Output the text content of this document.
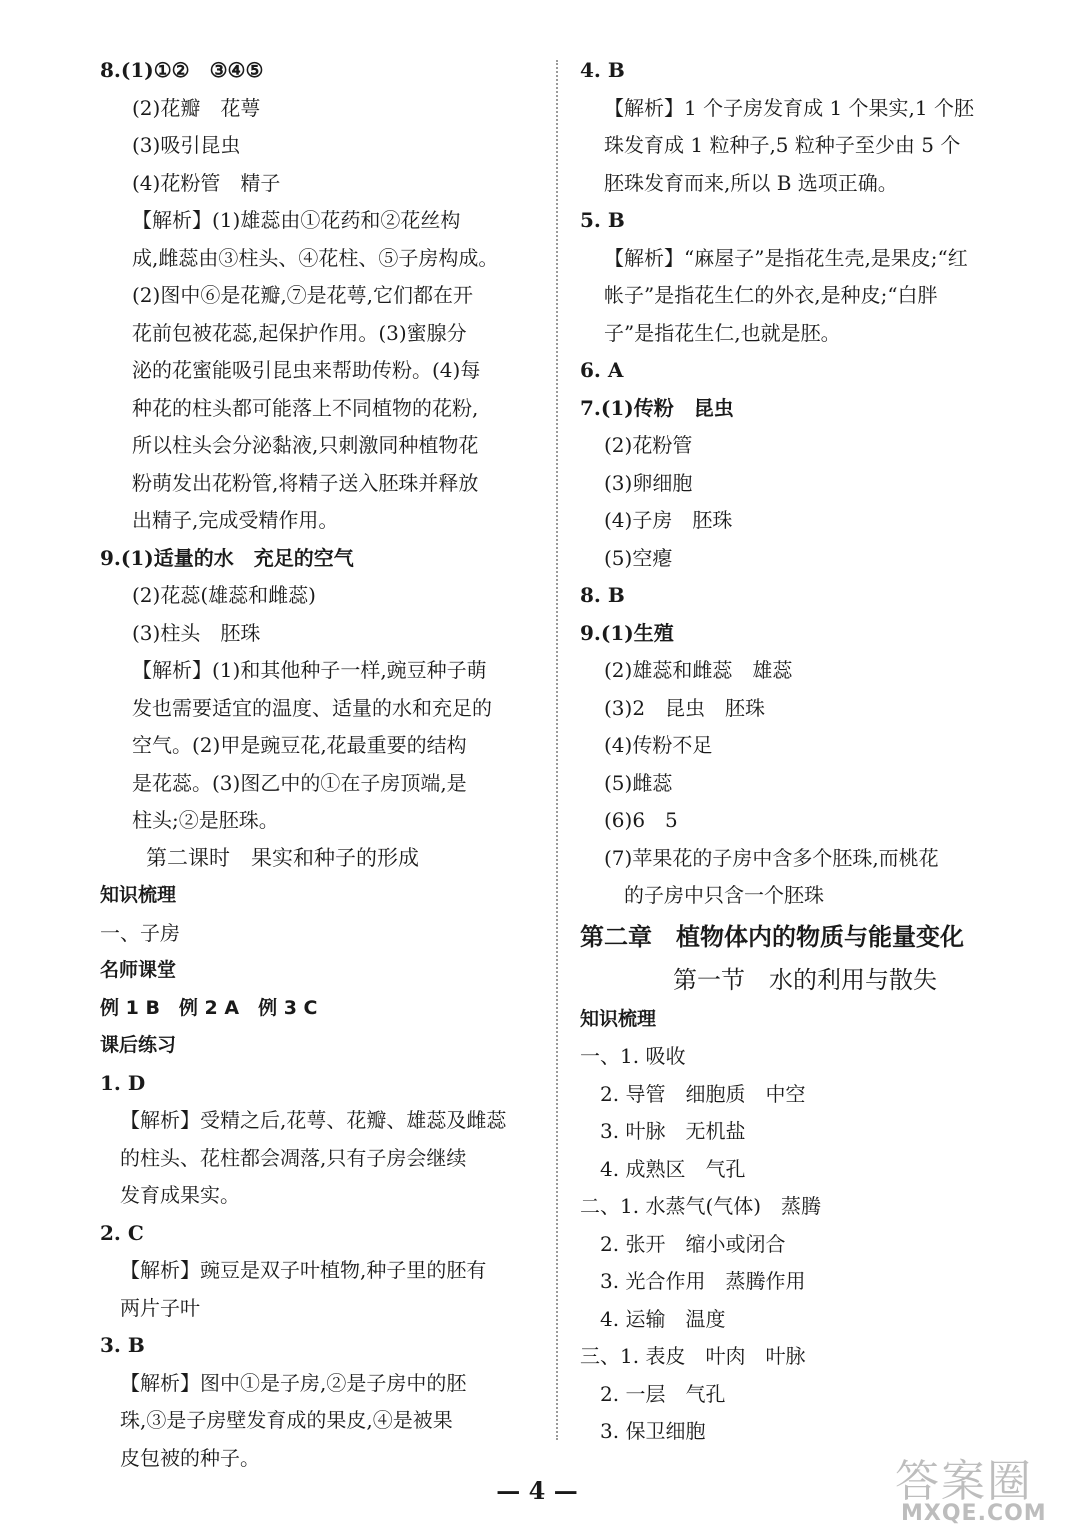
8.(1)①②　③④⑤
(2)花瓣　花萼
(3)吸引昆虫
(4)花粉管　精子
【解析】(1)雄蕊由①花药和②花丝构
成,雌蕊由③柱头、④花柱、⑤子房构成。
(2)图中⑥是花瓣,⑦是花萼,它们都在开
花前包被花蕊,起保护作用。(3)蜜腺分
泌的花蜜能吸引昆虫来帮助传粉。(4)每
种花的柱头都可能落上不同植物的花粉,
所以柱头会分泌黏液,只刺激同种植物花
粉萌发出花粉管,将精子送入胚珠并释放
出精子,完成受精作用。
9.(1)适量的水　充足的空气
(2)花蕊(雄蕊和雌蕊)
(3)柱头　胚珠
【解析】(1)和其他种子一样,豌豆种子萌
发也需要适宜的温度、适量的水和充足的
空气。(2)甲是豌豆花,花最重要的结构
是花蕊。(3)图乙中的①在子房顶端,是
柱头;②是胚珠。
第二课时　果实和种子的形成
知识梳理
一、子房
名师课堂
例 1 B　例 2 A　例 3 C
课后练习
1. D
【解析】受精之后,花萼、花瓣、雄蕊及雌蕊
的柱头、花柱都会凋落,只有子房会继续
发育成果实。
2. C
【解析】豌豆是双子叶植物,种子里的胚有
两片子叶
3. B
【解析】图中①是子房,②是子房中的胚
珠,③是子房壁发育成的果皮,④是被果
皮包被的种子。
4. B
【解析】1 个子房发育成 1 个果实,1 个胚
珠发育成 1 粒种子,5 粒种子至少由 5 个
胚珠发育而来,所以 B 选项正确。
5. B
【解析】“麻屋子”是指花生壳,是果皮;“红
帐子”是指花生仁的外衣,是种皮;“白胖
子”是指花生仁,也就是胚。
6. A
7.(1)传粉　昆虫
(2)花粉管
(3)卵细胞
(4)子房　胚珠
(5)空瘪
8. B
9.(1)生殖
(2)雄蕊和雌蕊　雄蕊
(3)2　昆虫　胚珠
(4)传粉不足
(5)雌蕊
(6)6　5
(7)苹果花的子房中含多个胚珠,而桃花
　的子房中只含一个胚珠
第二章　植物体内的物质与能量变化
第一节　水的利用与散失
知识梳理
一、1. 吸收
　2. 导管　细胞质　中空
　3. 叶脉　无机盐
　4. 成熟区　气孔
二、1. 水蒸气(气体)　蒸腾
　2. 张开　缩小或闭合
　3. 光合作用　蒸腾作用
　4. 运输　温度
三、1. 表皮　叶肉　叶脉
　2. 一层　气孔
　3. 保卫细胞
— 4 —	答案圈
MXQE.COM
